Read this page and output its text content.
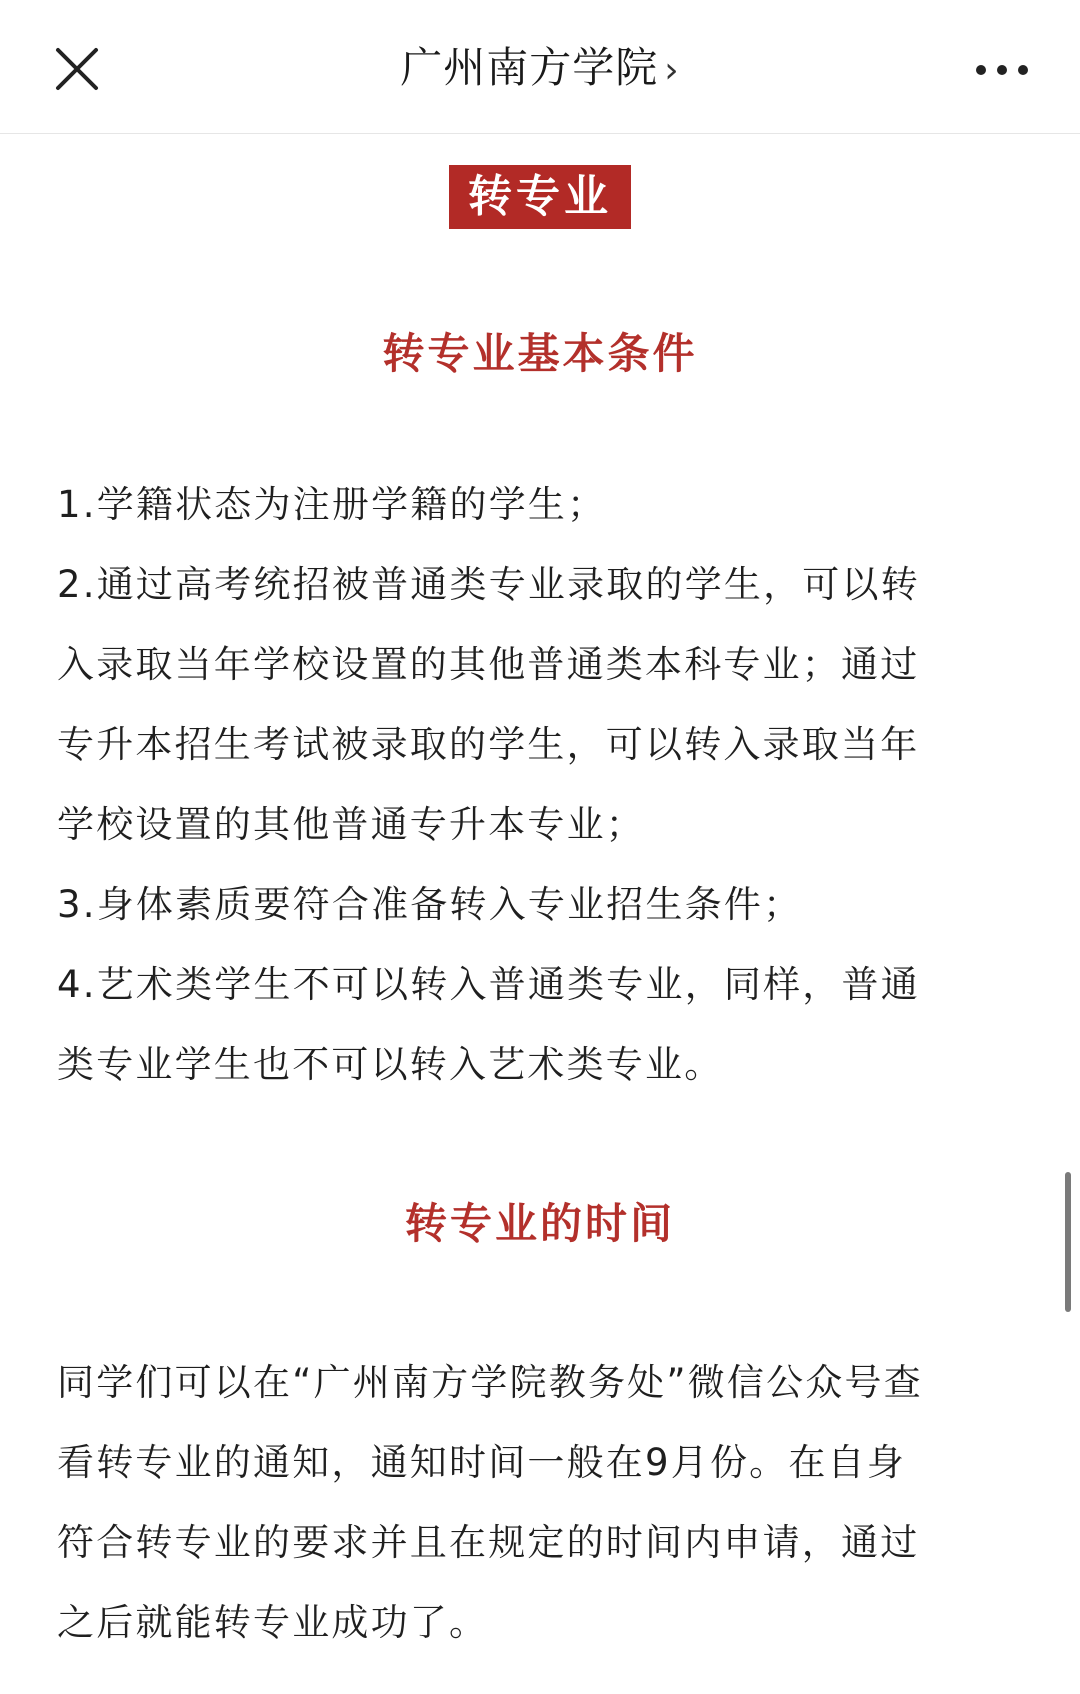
广州南方学院 ›
转专业
转专业基本条件
1.学籍状态为注册学籍的学生；
2.通过高考统招被普通类专业录取的学生，可以转
入录取当年学校设置的其他普通类本科专业；通过
专升本招生考试被录取的学生，可以转入录取当年
学校设置的其他普通专升本专业；
3.身体素质要符合准备转入专业招生条件；
4.艺术类学生不可以转入普通类专业，同样，普通
类专业学生也不可以转入艺术类专业。
转专业的时间
同学们可以在“广州南方学院教务处”微信公众号查
看转专业的通知，通知时间一般在9月份。在自身
符合转专业的要求并且在规定的时间内申请，通过
之后就能转专业成功了。
